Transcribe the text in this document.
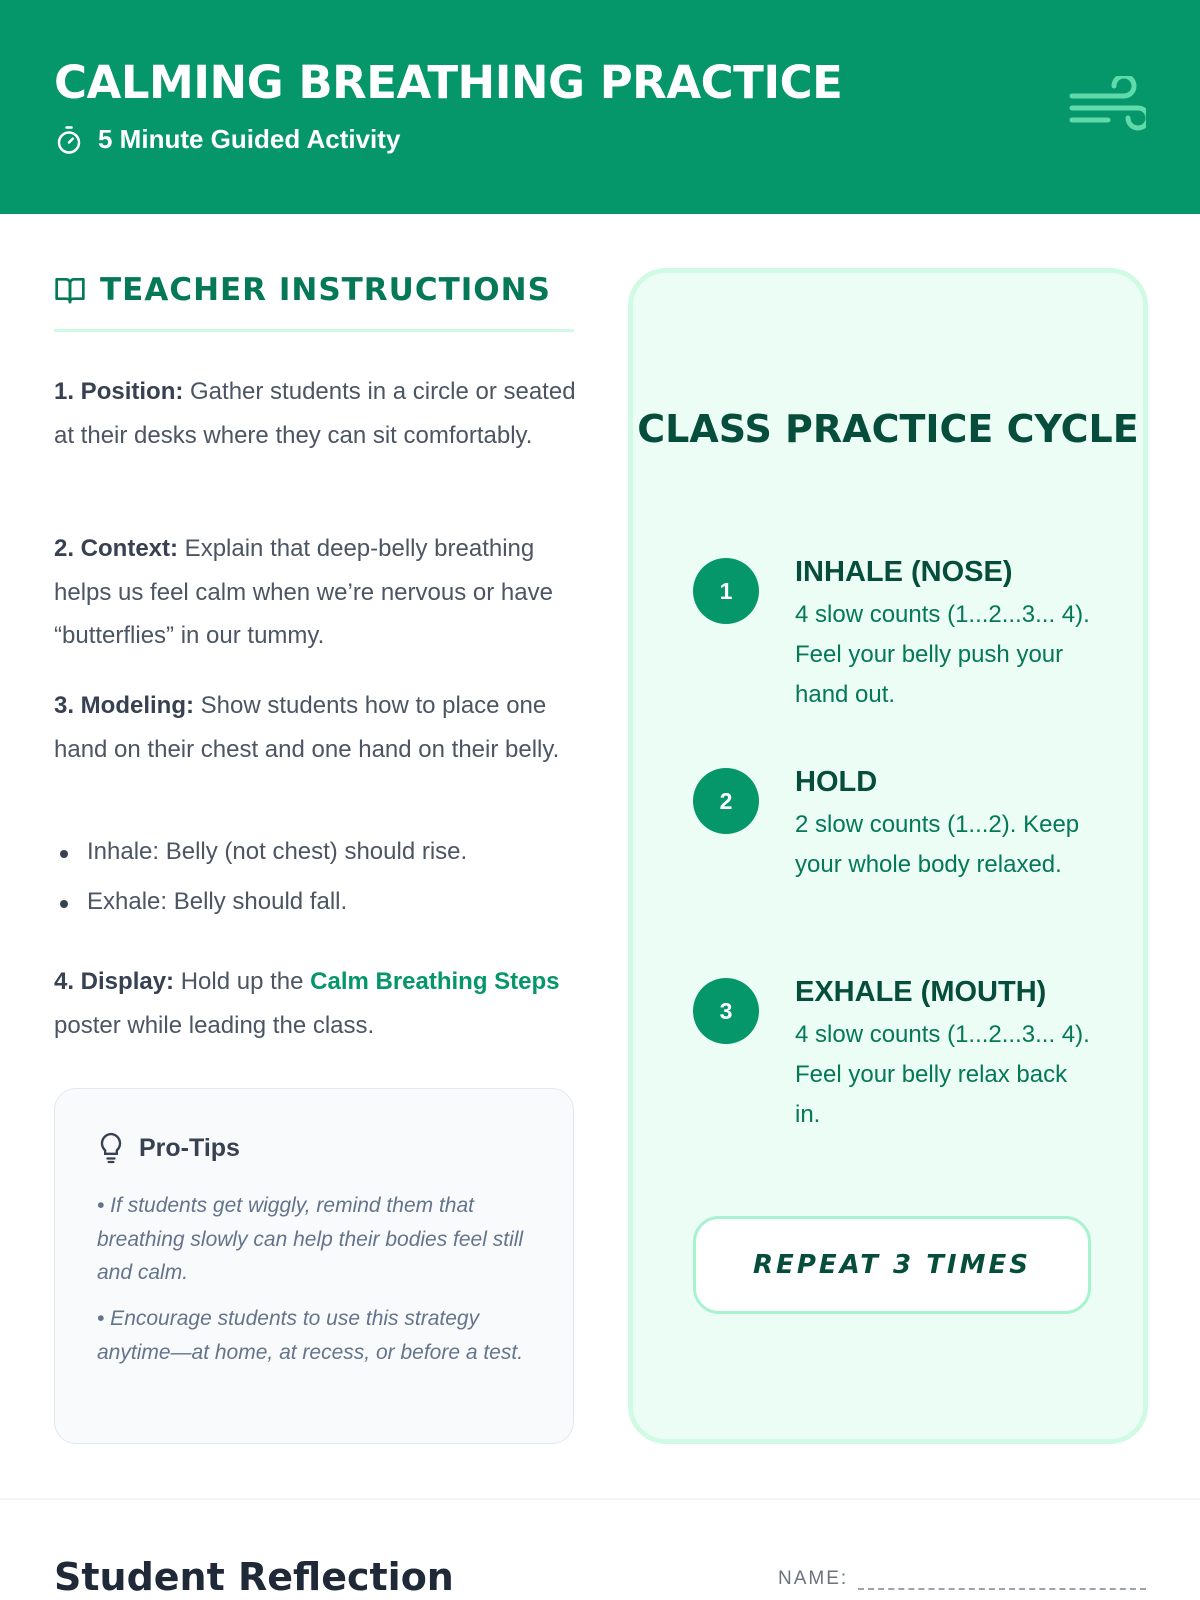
CALMING BREATHING PRACTICE
5 Minute Guided Activity
TEACHER INSTRUCTIONS

1. Position: Gather students in a circle or seated at their desks where they can sit comfortably.

2. Context: Explain that deep-belly breathing helps us feel calm when we’re nervous or have “butterflies” in our tummy.

3. Modeling: Show students how to place one hand on their chest and one hand on their belly.

Inhale: Belly (not chest) should rise.
Exhale: Belly should fall.

4. Display: Hold up the Calm Breathing Steps poster while leading the class.

Pro-Tips

• If students get wiggly, remind them that breathing slowly can help their bodies feel still and calm.

• Encourage students to use this strategy anytime—at home, at recess, or before a test.

CLASS PRACTICE CYCLE
1
INHALE (NOSE)
4 slow counts (1...2...3... 4). Feel your belly push your hand out.
2
HOLD
2 slow counts (1...2). Keep your whole body relaxed.
3
EXHALE (MOUTH)
4 slow counts (1...2...3... 4). Feel your belly relax back in.
REPEAT 3 TIMES
Student Reflection	NAME:
